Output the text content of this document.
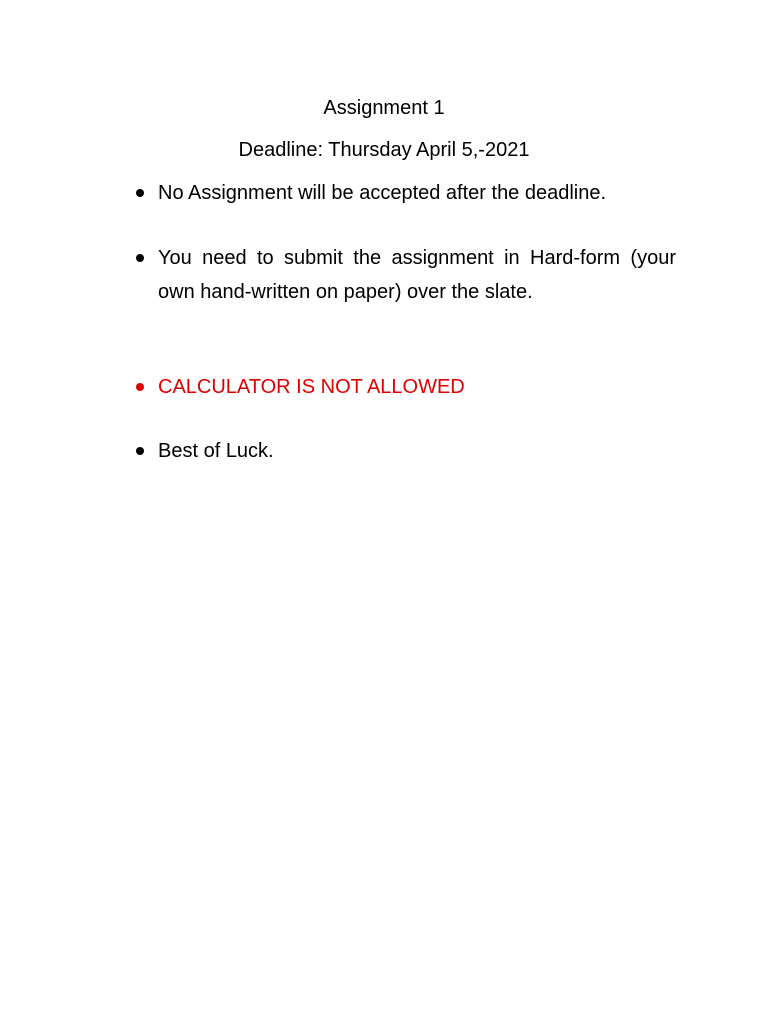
Assignment 1
Deadline: Thursday April 5,-2021
No Assignment will be accepted after the deadline.
You need to submit the assignment in Hard-form (your own hand-written on paper) over the slate.
CALCULATOR IS NOT ALLOWED
Best of Luck.
